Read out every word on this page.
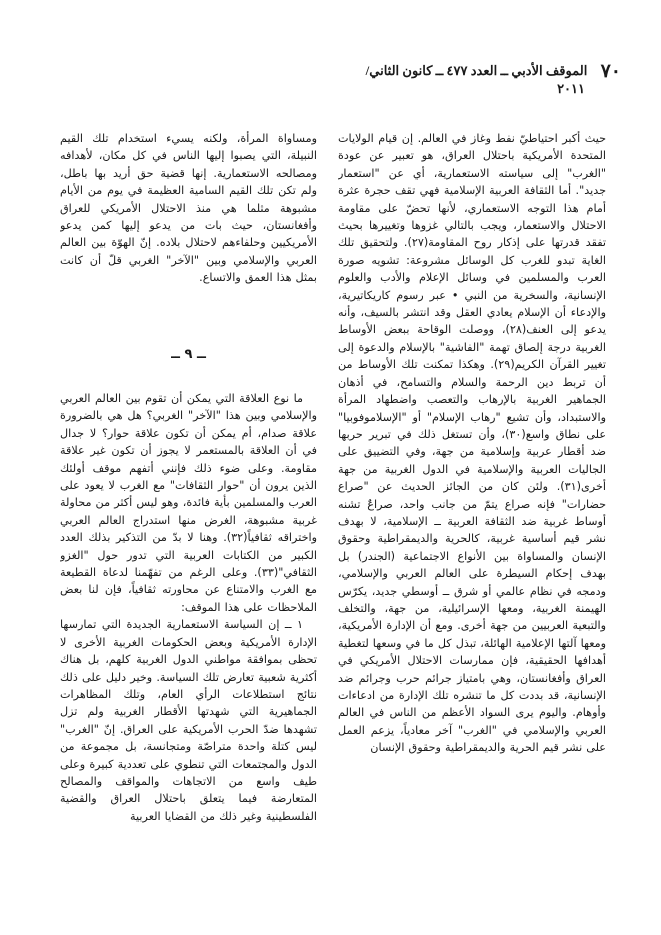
٧٠ الموقف الأدبي ــ العدد ٤٧٧ ــ كانون الثاني/
٢٠١١

حيث أكبر احتياطيّ نفط وغاز في العالم. إن قيام الولايات المتحدة الأمريكية باحتلال العراق، هو تعبير عن عودة "الغرب" إلى سياسته الاستعمارية، أي عن "استعمار جديد". أما الثقافة العربية الإسلامية فهي تقف حجرة عثرة أمام هذا التوجه الاستعماري، لأنها تحضّ على مقاومة الاحتلال والاستعمار، ويجب بالتالي غزوها وتغييرها بحيث تفقد قدرتها على إذكار روح المقاومة(٢٧). ولتحقيق تلك الغاية تبدو للغرب كل الوسائل مشروعة: تشويه صورة العرب والمسلمين في وسائل الإعلام والأدب والعلوم الإنسانية، والسخرية من النبي • عبر رسوم كاريكاتيرية، والإدعاء أن الإسلام يعادي العقل وقد انتشر بالسيف، وأنه يدعو إلى العنف(٢٨)، ووصلت الوقاحة ببعض الأوساط الغربية درجة إلصاق تهمة "الفاشية" بالإسلام والدعوة إلى تغيير القرآن الكريم(٢٩). وهكذا تمكنت تلك الأوساط من أن تربط دين الرحمة والسلام والتسامح، في أذهان الجماهير الغربية بالإرهاب والتعصب واضطهاد المرأة والاستبداد، وأن تشيع "رهاب الإسلام" أو "الإسلاموفوبيا" على نطاق واسع(٣٠)، وأن تستغل ذلك في تبرير حربها ضد أقطار عربية وإسلامية من جهة، وفي التضييق على الجاليات العربية والإسلامية في الدول الغربية من جهة أخرى(٣١). ولئن كان من الجائز الحديث عن "صراع حضارات" فإنه صراع يتمّ من جانب واحد، صراعٌ تشنه أوساط غربية ضد الثقافة العربية ــ الإسلامية، لا بهدف نشر قيم أساسية غربية، كالحرية والديمقراطية وحقوق الإنسان والمساواة بين الأنواع الاجتماعية (الجندر) بل بهدف إحكام السيطرة على العالم العربي والإسلامي، ودمجه في نظام عالمي أو شرق ــ أوسطي جديد، يكرّس الهيمنة الغربية، ومعها الإسرائيلية، من جهة، والتخلف والتبعية العربيين من جهة أخرى. ومع أن الإدارة الأمريكية، ومعها آلتها الإعلامية الهائلة، تبذل كل ما في وسعها لتغطية أهدافها الحقيقية، فإن ممارسات الاحتلال الأمريكي في العراق وأفغانستان، وهي بامتياز جرائم حرب وجرائم ضد الإنسانية، قد بددت كل ما تنشره تلك الإدارة من ادعاءات وأوهام. واليوم يرى السواد الأعظم من الناس في العالم العربي والإسلامي في "الغرب" آخر معادياً، يزعم العمل على نشر قيم الحرية والديمقراطية وحقوق الإنسان

ومساواة المرأة، ولكنه يسيء استخدام تلك القيم النبيلة، التي يصبوا إليها الناس في كل مكان، لأهدافه ومصالحه الاستعمارية. إنها قضية حق أريد بها باطل، ولم تكن تلك القيم السامية العظيمة في يوم من الأيام مشبوهة مثلما هي منذ الاحتلال الأمريكي للعراق وأفغانستان، حيث بات من يدعو إليها كمن يدعو الأمريكيين وحلفاءهم لاحتلال بلاده. إنّ الهوّة بين العالم العربي والإسلامي وبين "الآخر" الغربي قلّ أن كانت بمثل هذا العمق والاتساع.

ــ ٩ ــ

ما نوع العلاقة التي يمكن أن تقوم بين العالم العربي والإسلامي وبين هذا "الآخر" الغربي؟ هل هي بالضرورة علاقة صدام، أم يمكن أن تكون علاقة حوار؟ لا جدال في أن العلاقة بالمستعمر لا يجوز أن تكون غير علاقة مقاومة. وعلى ضوء ذلك فإنني أتفهم موقف أولئك الذين يرون أن "حوار الثقافات" مع الغرب لا يعود على العرب والمسلمين بأية فائدة، وهو ليس أكثر من محاولة غربية مشبوهة، الغرض منها استدراج العالم العربي واختراقه ثقافياً(٣٢). وهنا لا بدّ من التذكير بذلك العدد الكبير من الكتابات العربية التي تدور حول "الغزو الثقافي"(٣٣). وعلى الرغم من تفهّمنا لدعاة القطيعة مع الغرب والامتناع عن محاورته ثقافياً، فإن لنا بعض الملاحظات على هذا الموقف:

١ ــ إن السياسة الاستعمارية الجديدة التي تمارسها الإدارة الأمريكية وبعض الحكومات الغربية الأخرى لا تحظى بموافقة مواطني الدول الغربية كلهم، بل هناك أكثرية شعبية تعارض تلك السياسة. وخير دليل على ذلك نتائج استطلاعات الرأي العام، وتلك المظاهرات الجماهيرية التي شهدتها الأقطار الغربية ولم تزل تشهدها ضدّ الحرب الأمريكية على العراق. إنّ "الغرب" ليس كتلة واحدة متراصّة ومتجانسة، بل مجموعة من الدول والمجتمعات التي تنطوي على تعددية كبيرة وعلى طيف واسع من الاتجاهات والمواقف والمصالح المتعارضة فيما يتعلق باحتلال العراق والقضية الفلسطينية وغير ذلك من القضايا العربية
